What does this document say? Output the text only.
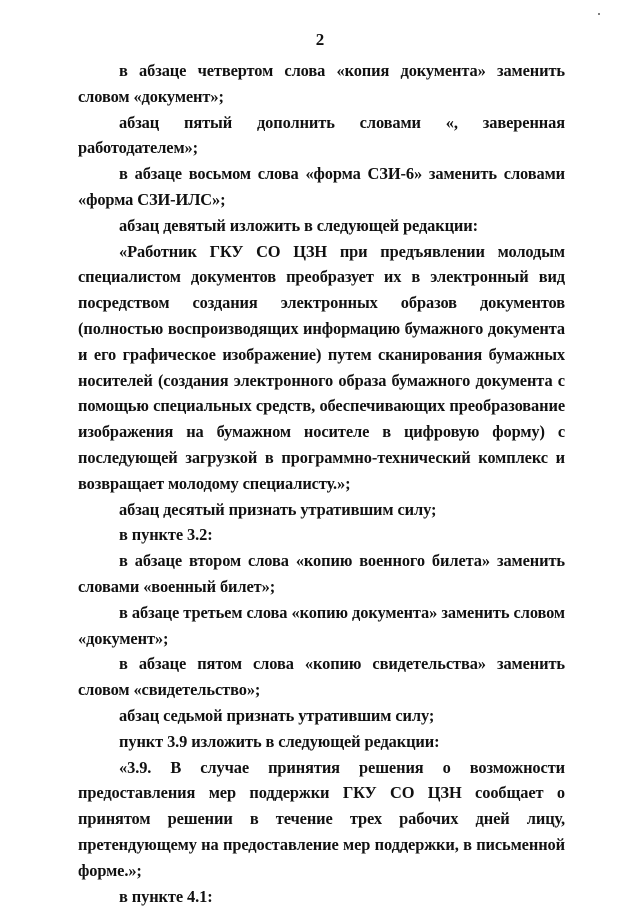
2

в абзаце четвертом слова «копия документа» заменить словом «документ»;

абзац пятый дополнить словами «, заверенная работодателем»;

в абзаце восьмом слова «форма СЗИ-6» заменить словами «форма СЗИ-ИЛС»;

абзац девятый изложить в следующей редакции:

«Работник ГКУ СО ЦЗН при предъявлении молодым специалистом документов преобразует их в электронный вид посредством создания электронных образов документов (полностью воспроизводящих информацию бумажного документа и его графическое изображение) путем сканирования бумажных носителей (создания электронного образа бумажного документа с помощью специальных средств, обеспечивающих преобразование изображения на бумажном носителе в цифровую форму) с последующей загрузкой в программно-технический комплекс и возвращает молодому специалисту.»;

абзац десятый признать утратившим силу;

в пункте 3.2:

в абзаце втором слова «копию военного билета» заменить словами «военный билет»;

в абзаце третьем слова «копию документа» заменить словом «документ»;

в абзаце пятом слова «копию свидетельства» заменить словом «свидетельство»;

абзац седьмой признать утратившим силу;

пункт 3.9 изложить в следующей редакции:

«3.9. В случае принятия решения о возможности предоставления мер поддержки ГКУ СО ЦЗН сообщает о принятом решении в течение трех рабочих дней лицу, претендующему на предоставление мер поддержки, в письменной форме.»;

в пункте 4.1:
